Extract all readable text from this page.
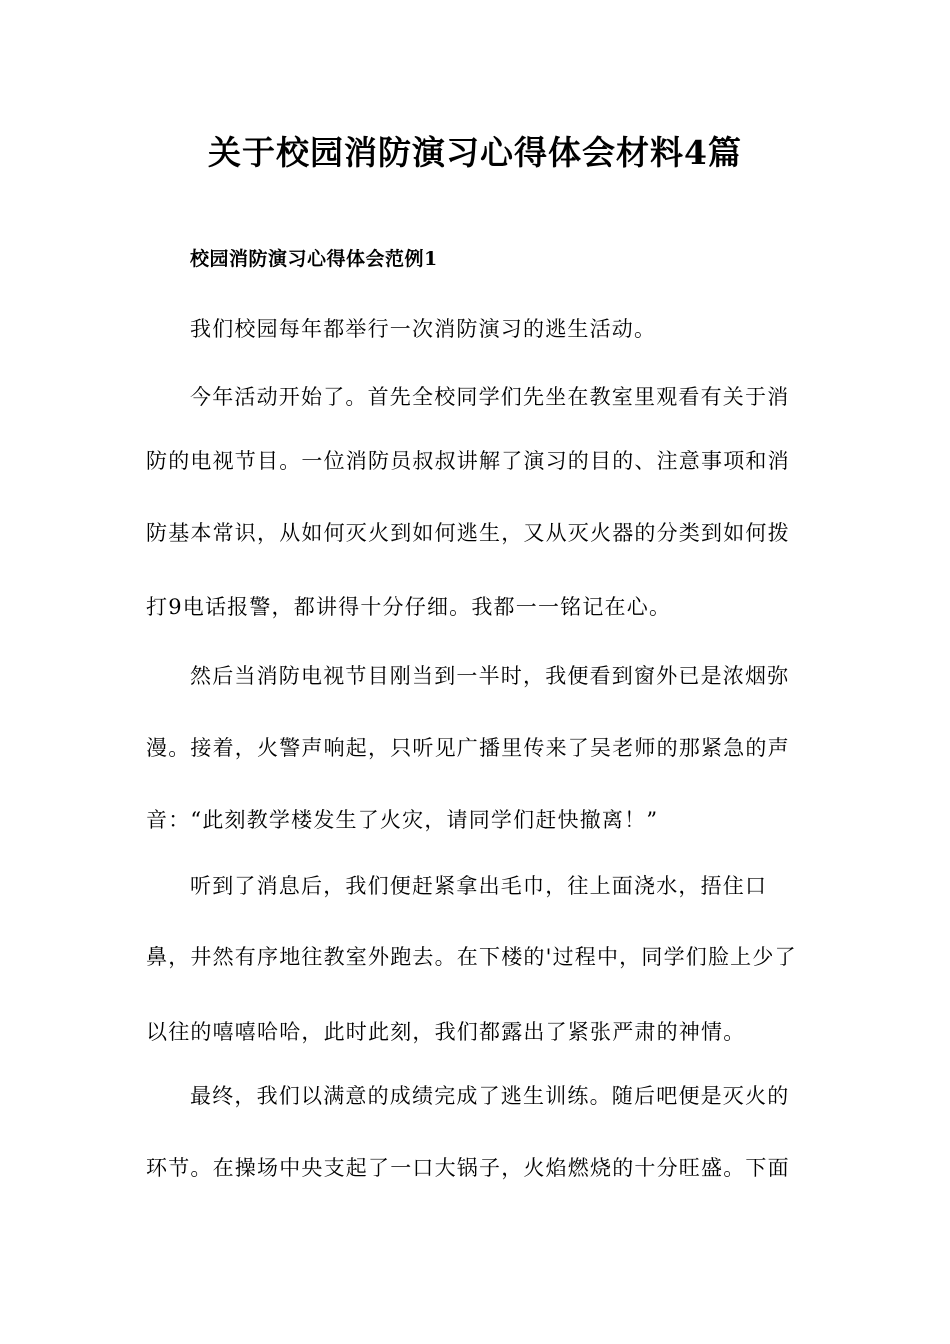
关于校园消防演习心得体会材料4篇
校园消防演习心得体会范例1
我们校园每年都举行一次消防演习的逃生活动。
今年活动开始了。首先全校同学们先坐在教室里观看有关于消
防的电视节目。一位消防员叔叔讲解了演习的目的、注意事项和消
防基本常识，从如何灭火到如何逃生，又从灭火器的分类到如何拨
打9电话报警，都讲得十分仔细。我都一一铭记在心。
然后当消防电视节目刚当到一半时，我便看到窗外已是浓烟弥
漫。接着，火警声响起，只听见广播里传来了吴老师的那紧急的声
音：“此刻教学楼发生了火灾，请同学们赶快撤离！”
听到了消息后，我们便赶紧拿出毛巾，往上面浇水，捂住口
鼻，井然有序地往教室外跑去。在下楼的'过程中，同学们脸上少了
以往的嘻嘻哈哈，此时此刻，我们都露出了紧张严肃的神情。
最终，我们以满意的成绩完成了逃生训练。随后吧便是灭火的
环节。在操场中央支起了一口大锅子，火焰燃烧的十分旺盛。下面
